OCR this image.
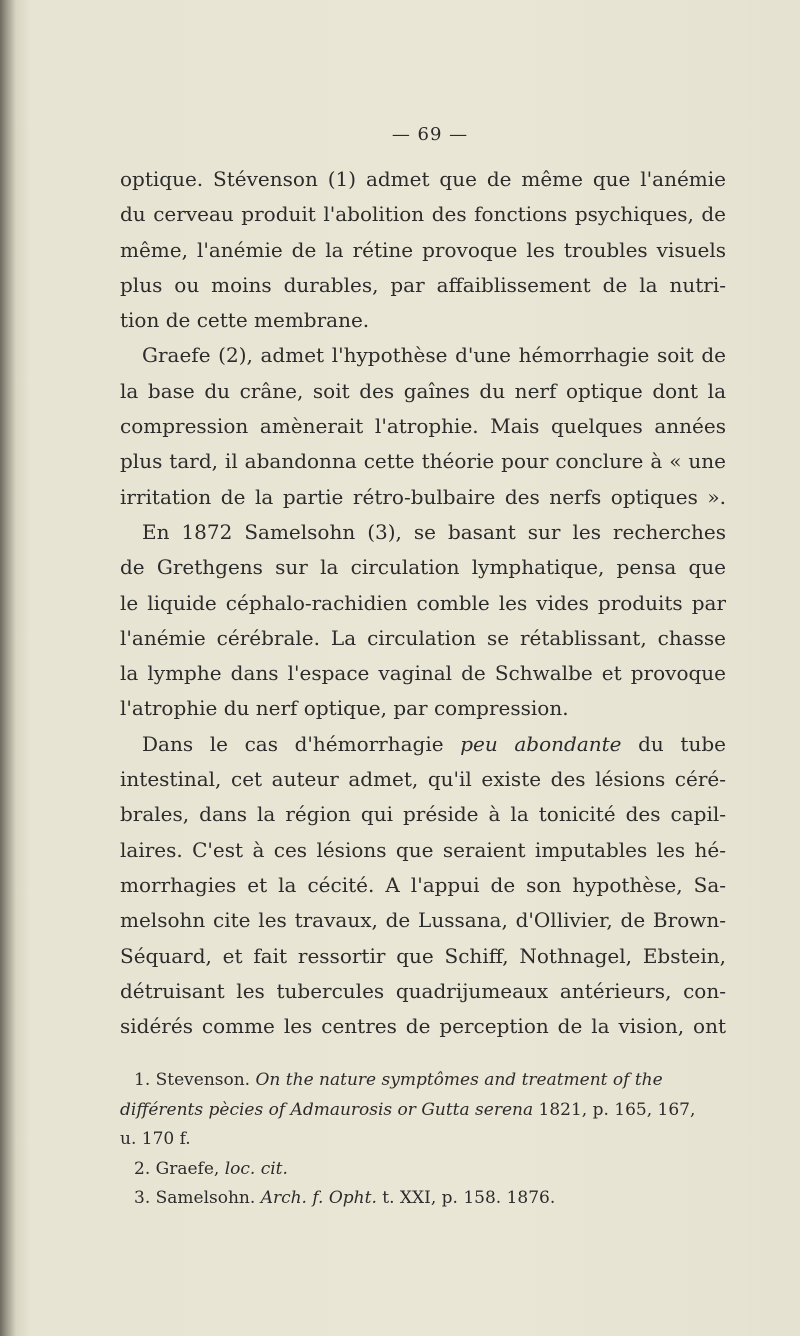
— 69 —
optique. Stévenson (1) admet que de même que l'anémie
du cerveau produit l'abolition des fonctions psychiques, de
même, l'anémie de la rétine provoque les troubles visuels
plus ou moins durables, par affaiblissement de la nutri-
tion de cette membrane.
Graefe (2), admet l'hypothèse d'une hémorrhagie soit de
la base du crâne, soit des gaînes du nerf optique dont la
compression amènerait l'atrophie. Mais quelques années
plus tard, il abandonna cette théorie pour conclure à « une
irritation de la partie rétro-bulbaire des nerfs optiques ».
En 1872 Samelsohn (3), se basant sur les recherches
de Grethgens sur la circulation lymphatique, pensa que
le liquide céphalo-rachidien comble les vides produits par
l'anémie cérébrale. La circulation se rétablissant, chasse
la lymphe dans l'espace vaginal de Schwalbe et provoque
l'atrophie du nerf optique, par compression.
Dans le cas d'hémorrhagie peu abondante du tube
intestinal, cet auteur admet, qu'il existe des lésions céré-
brales, dans la région qui préside à la tonicité des capil-
laires. C'est à ces lésions que seraient imputables les hé-
morrhagies et la cécité. A l'appui de son hypothèse, Sa-
melsohn cite les travaux, de Lussana, d'Ollivier, de Brown-
Séquard, et fait ressortir que Schiff, Nothnagel, Ebstein,
détruisant les tubercules quadrijumeaux antérieurs, con-
sidérés comme les centres de perception de la vision, ont
1. Stevenson. On the nature symptômes and treatment of the
différents pècies of Admaurosis or Gutta serena 1821, p. 165, 167,
u. 170 f.
2. Graefe, loc. cit.
3. Samelsohn. Arch. f. Opht. t. XXI, p. 158. 1876.
